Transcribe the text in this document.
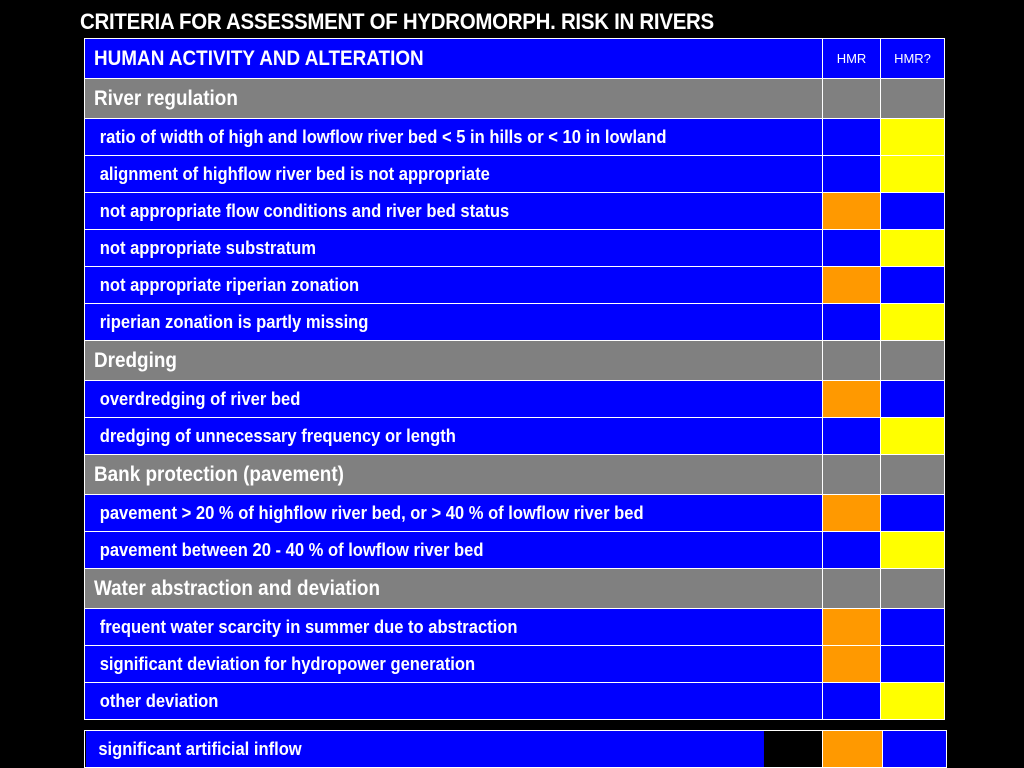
CRITERIA FOR ASSESSMENT OF HYDROMORPH. RISK IN RIVERS
HUMAN ACTIVITY AND ALTERATION	HMR	HMR?

River regulation		

ratio of width of high and lowflow river bed < 5 in hills or < 10 in lowland		

alignment of highflow river bed is not appropriate		

not appropriate flow conditions and river bed status		

not appropriate substratum		

not appropriate riperian zonation		

riperian zonation is partly missing		

Dredging		

overdredging of river bed		

dredging of unnecessary frequency or length		

Bank protection (pavement)		

pavement > 20 % of highflow river bed, or > 40 % of lowflow river bed		

pavement between 20 - 40 % of lowflow river bed		

Water abstraction and deviation		

frequent water scarcity in summer due to abstraction		

significant deviation for hydropower generation		

other deviation		

significant artificial inflow		
